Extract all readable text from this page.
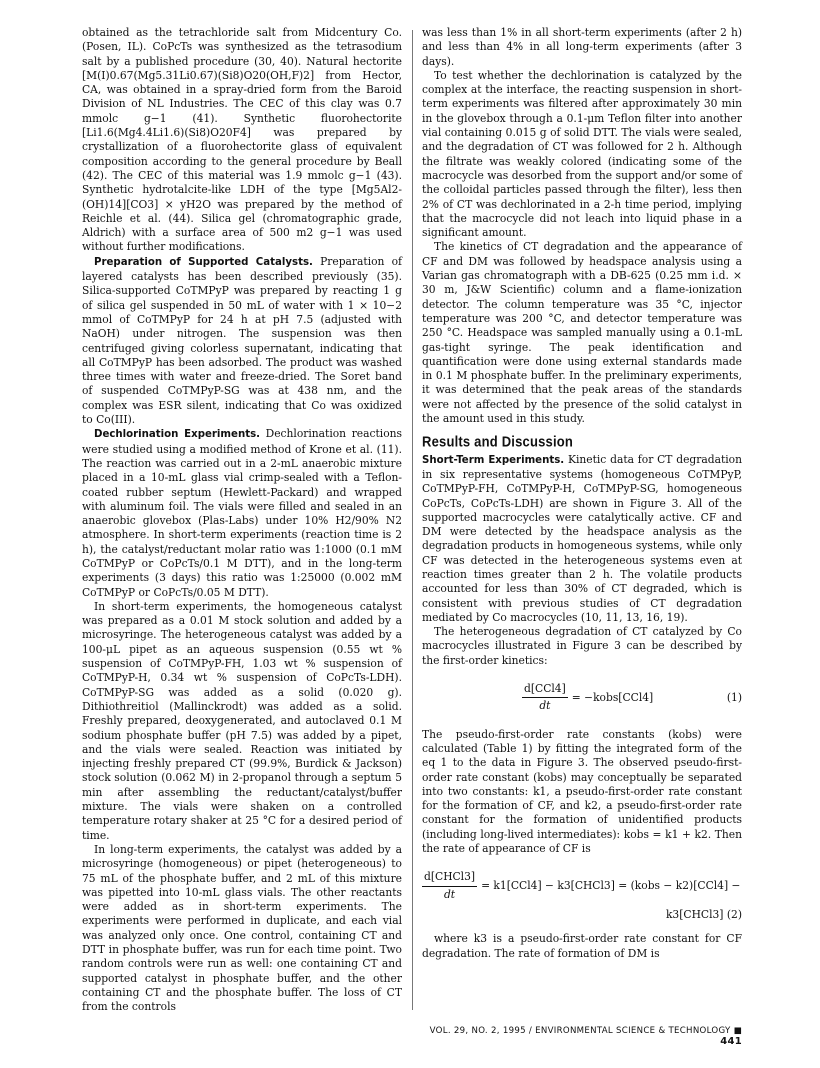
obtained as the tetrachloride salt from Midcentury Co. (Posen, IL). CoPcTs was synthesized as the tetrasodium salt by a published procedure (30, 40). Natural hectorite [M(I)0.67(Mg5.31Li0.67)(Si8)O20(OH,F)2] from Hector, CA, was obtained in a spray-dried form from the Baroid Division of NL Industries. The CEC of this clay was 0.7 mmolc g−1 (41). Synthetic fluorohectorite [Li1.6(Mg4.4Li1.6)(Si8)O20F4] was prepared by crystallization of a fluorohectorite glass of equivalent composition according to the general procedure by Beall (42). The CEC of this material was 1.9 mmolc g−1 (43). Synthetic hydrotalcite-like LDH of the type [Mg5Al2-(OH)14][CO3] × yH2O was prepared by the method of Reichle et al. (44). Silica gel (chromatographic grade, Aldrich) with a surface area of 500 m2 g−1 was used without further modifications.

Preparation of Supported Catalysts. Preparation of layered catalysts has been described previously (35). Silica-supported CoTMPyP was prepared by reacting 1 g of silica gel suspended in 50 mL of water with 1 × 10−2 mmol of CoTMPyP for 24 h at pH 7.5 (adjusted with NaOH) under nitrogen. The suspension was then centrifuged giving colorless supernatant, indicating that all CoTMPyP has been adsorbed. The product was washed three times with water and freeze-dried. The Soret band of suspended CoTMPyP-SG was at 438 nm, and the complex was ESR silent, indicating that Co was oxidized to Co(III).

Dechlorination Experiments. Dechlorination reactions were studied using a modified method of Krone et al. (11). The reaction was carried out in a 2-mL anaerobic mixture placed in a 10-mL glass vial crimp-sealed with a Teflon-coated rubber septum (Hewlett-Packard) and wrapped with aluminum foil. The vials were filled and sealed in an anaerobic glovebox (Plas-Labs) under 10% H2/90% N2 atmosphere. In short-term experiments (reaction time is 2 h), the catalyst/reductant molar ratio was 1:1000 (0.1 mM CoTMPyP or CoPcTs/0.1 M DTT), and in the long-term experiments (3 days) this ratio was 1:25000 (0.002 mM CoTMPyP or CoPcTs/0.05 M DTT).

In short-term experiments, the homogeneous catalyst was prepared as a 0.01 M stock solution and added by a microsyringe. The heterogeneous catalyst was added by a 100-μL pipet as an aqueous suspension (0.55 wt % suspension of CoTMPyP-FH, 1.03 wt % suspension of CoTMPyP-H, 0.34 wt % suspension of CoPcTs-LDH). CoTMPyP-SG was added as a solid (0.020 g). Dithiothreitiol (Mallinckrodt) was added as a solid. Freshly prepared, deoxygenerated, and autoclaved 0.1 M sodium phosphate buffer (pH 7.5) was added by a pipet, and the vials were sealed. Reaction was initiated by injecting freshly prepared CT (99.9%, Burdick & Jackson) stock solution (0.062 M) in 2-propanol through a septum 5 min after assembling the reductant/catalyst/buffer mixture. The vials were shaken on a controlled temperature rotary shaker at 25 °C for a desired period of time.

In long-term experiments, the catalyst was added by a microsyringe (homogeneous) or pipet (heterogeneous) to 75 mL of the phosphate buffer, and 2 mL of this mixture was pipetted into 10-mL glass vials. The other reactants were added as in short-term experiments. The experiments were performed in duplicate, and each vial was analyzed only once. One control, containing CT and DTT in phosphate buffer, was run for each time point. Two random controls were run as well: one containing CT and supported catalyst in phosphate buffer, and the other containing CT and the phosphate buffer. The loss of CT from the controls

was less than 1% in all short-term experiments (after 2 h) and less than 4% in all long-term experiments (after 3 days).

To test whether the dechlorination is catalyzed by the complex at the interface, the reacting suspension in short-term experiments was filtered after approximately 30 min in the glovebox through a 0.1-μm Teflon filter into another vial containing 0.015 g of solid DTT. The vials were sealed, and the degradation of CT was followed for 2 h. Although the filtrate was weakly colored (indicating some of the macrocycle was desorbed from the support and/or some of the colloidal particles passed through the filter), less then 2% of CT was dechlorinated in a 2-h time period, implying that the macrocycle did not leach into liquid phase in a significant amount.

The kinetics of CT degradation and the appearance of CF and DM was followed by headspace analysis using a Varian gas chromatograph with a DB-625 (0.25 mm i.d. × 30 m, J&W Scientific) column and a flame-ionization detector. The column temperature was 35 °C, injector temperature was 200 °C, and detector temperature was 250 °C. Headspace was sampled manually using a 0.1-mL gas-tight syringe. The peak identification and quantification were done using external standards made in 0.1 M phosphate buffer. In the preliminary experiments, it was determined that the peak areas of the standards were not affected by the presence of the solid catalyst in the amount used in this study.

Results and Discussion

Short-Term Experiments. Kinetic data for CT degradation in six representative systems (homogeneous CoTMPyP, CoTMPyP-FH, CoTMPyP-H, CoTMPyP-SG, homogeneous CoPcTs, CoPcTs-LDH) are shown in Figure 3. All of the supported macrocycles were catalytically active. CF and DM were detected by the headspace analysis as the degradation products in homogeneous systems, while only CF was detected in the heterogeneous systems even at reaction times greater than 2 h. The volatile products accounted for less than 30% of CT degraded, which is consistent with previous studies of CT degradation mediated by Co macrocycles (10, 11, 13, 16, 19).

The heterogeneous degradation of CT catalyzed by Co macrocycles illustrated in Figure 3 can be described by the first-order kinetics:

$\frac{\text{d[CCl4]}}{dt}$ = −kobs[CCl4]	(1)

The pseudo-first-order rate constants (kobs) were calculated (Table 1) by fitting the integrated form of the eq 1 to the data in Figure 3. The observed pseudo-first-order rate constant (kobs) may conceptually be separated into two constants: k1, a pseudo-first-order rate constant for the formation of CF, and k2, a pseudo-first-order rate constant for the formation of unidentified products (including long-lived intermediates): kobs = k1 + k2. Then the rate of appearance of CF is

$\frac{\text{d[CHCl3]}}{dt} = k1[CCl4]$ − k3[CHCl3] = (kobs − k2)[CCl4] −
k3[CHCl3] (2)

where k3 is a pseudo-first-order rate constant for CF degradation. The rate of formation of DM is

VOL. 29, NO. 2, 1995 / ENVIRONMENTAL SCIENCE & TECHNOLOGY ■ 441
